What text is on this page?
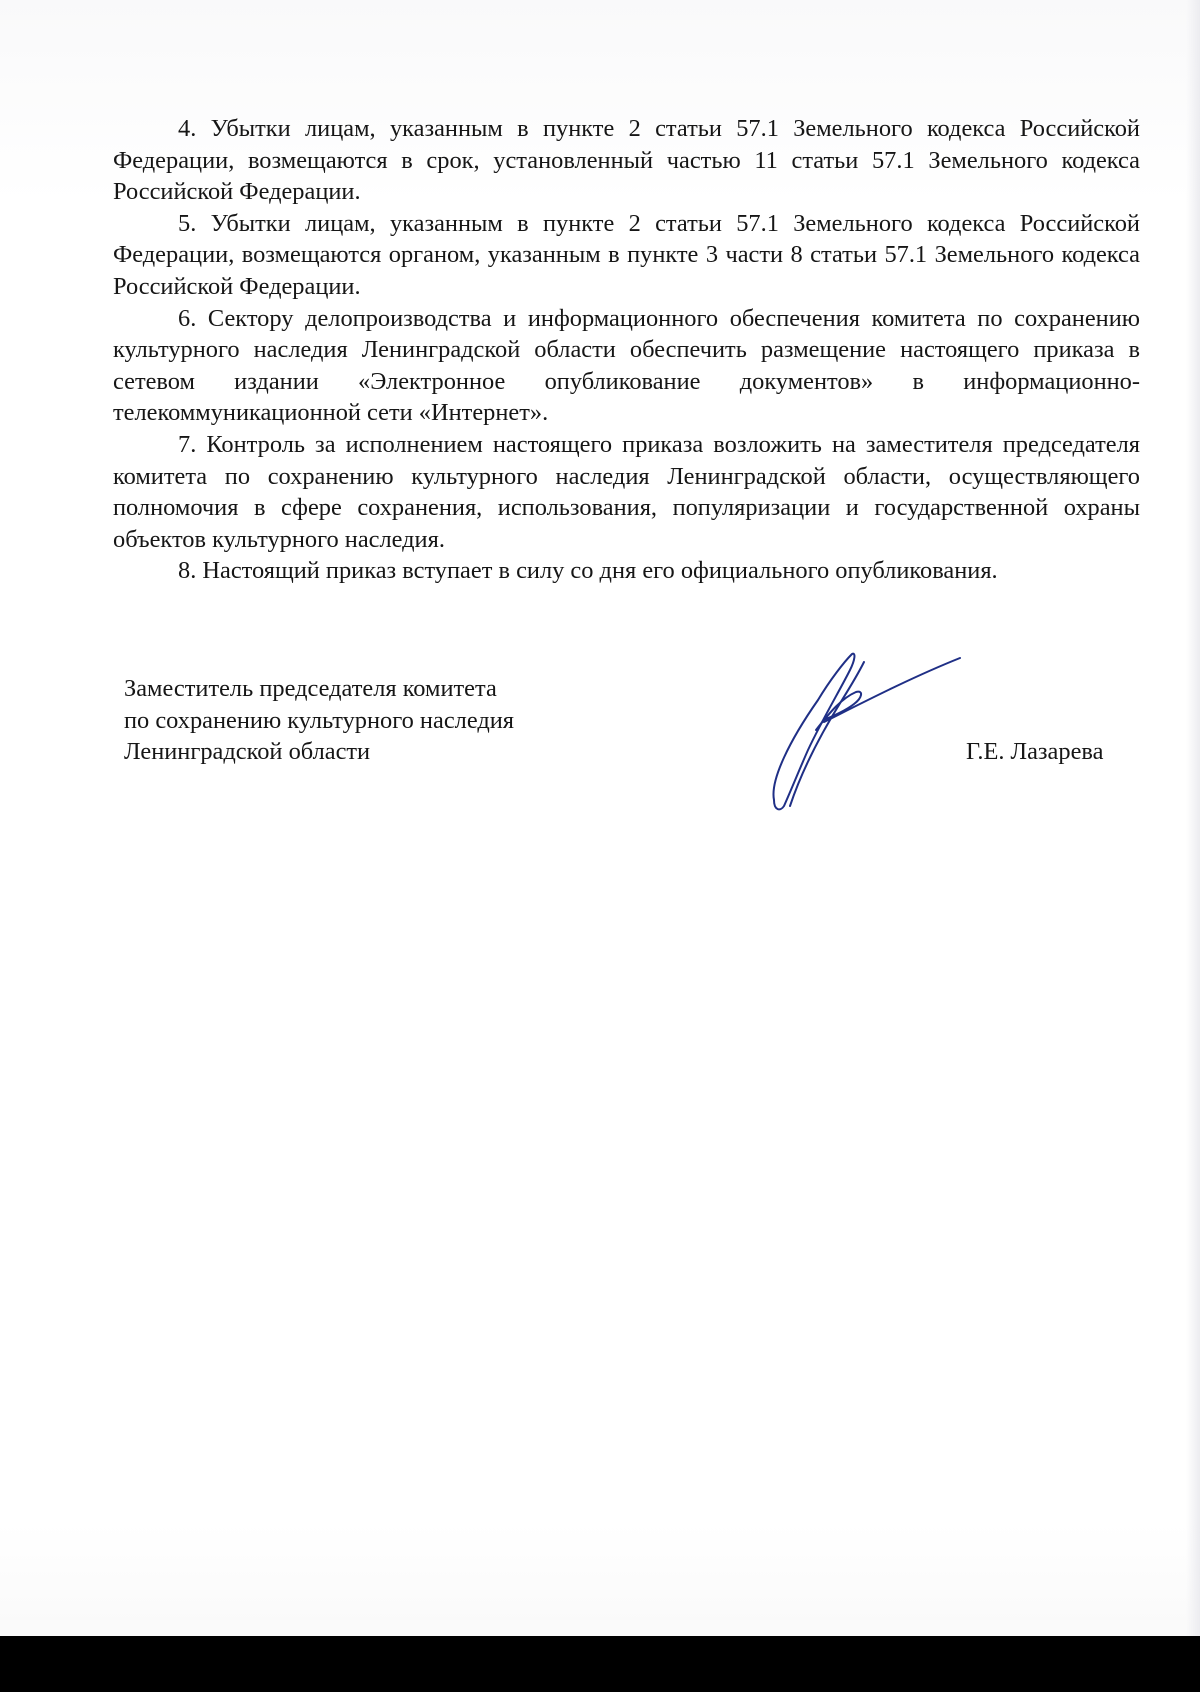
4. Убытки лицам, указанным в пункте 2 статьи 57.1 Земельного кодекса Российской Федерации, возмещаются в срок, установленный частью 11 статьи 57.1 Земельного кодекса Российской Федерации.

5. Убытки лицам, указанным в пункте 2 статьи 57.1 Земельного кодекса Российской Федерации, возмещаются органом, указанным в пункте 3 части 8 статьи 57.1 Земельного кодекса Российской Федерации.

6. Сектору делопроизводства и информационного обеспечения комитета по сохранению культурного наследия Ленинградской области обеспечить размещение настоящего приказа в сетевом издании «Электронное опубликование документов» в информационно-телекоммуникационной сети «Интернет».

7. Контроль за исполнением настоящего приказа возложить на заместителя председателя комитета по сохранению культурного наследия Ленинградской области, осуществляющего полномочия в сфере сохранения, использования, популяризации и государственной охраны объектов культурного наследия.

8. Настоящий приказ вступает в силу со дня его официального опубликования.

Заместитель председателя комитета
по сохранению культурного наследия
Ленинградской области	Г.Е. Лазарева
